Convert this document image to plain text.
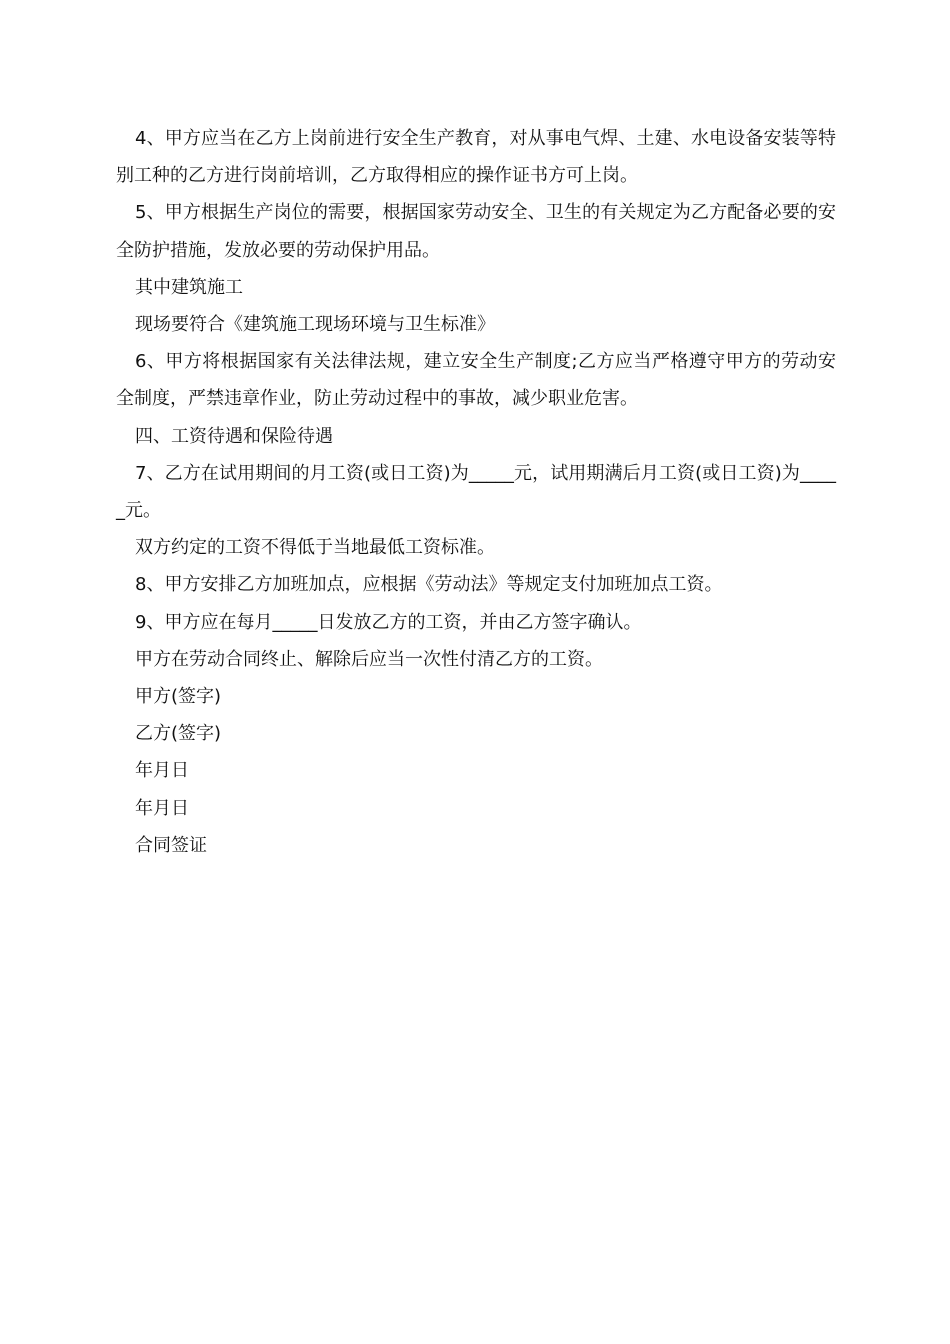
4、甲方应当在乙方上岗前进行安全生产教育，对从事电气焊、土建、水电设备安装等特别工种的乙方进行岗前培训，乙方取得相应的操作证书方可上岗。

5、甲方根据生产岗位的需要，根据国家劳动安全、卫生的有关规定为乙方配备必要的安全防护措施，发放必要的劳动保护用品。

其中建筑施工

现场要符合《建筑施工现场环境与卫生标准》

6、甲方将根据国家有关法律法规，建立安全生产制度;乙方应当严格遵守甲方的劳动安全制度，严禁违章作业，防止劳动过程中的事故，减少职业危害。

四、工资待遇和保险待遇

7、乙方在试用期间的月工资(或日工资)为_____元，试用期满后月工资(或日工资)为_____元。

双方约定的工资不得低于当地最低工资标准。

8、甲方安排乙方加班加点，应根据《劳动法》等规定支付加班加点工资。

9、甲方应在每月_____日发放乙方的工资，并由乙方签字确认。

甲方在劳动合同终止、解除后应当一次性付清乙方的工资。

甲方(签字)

乙方(签字)

年月日

年月日

合同签证
